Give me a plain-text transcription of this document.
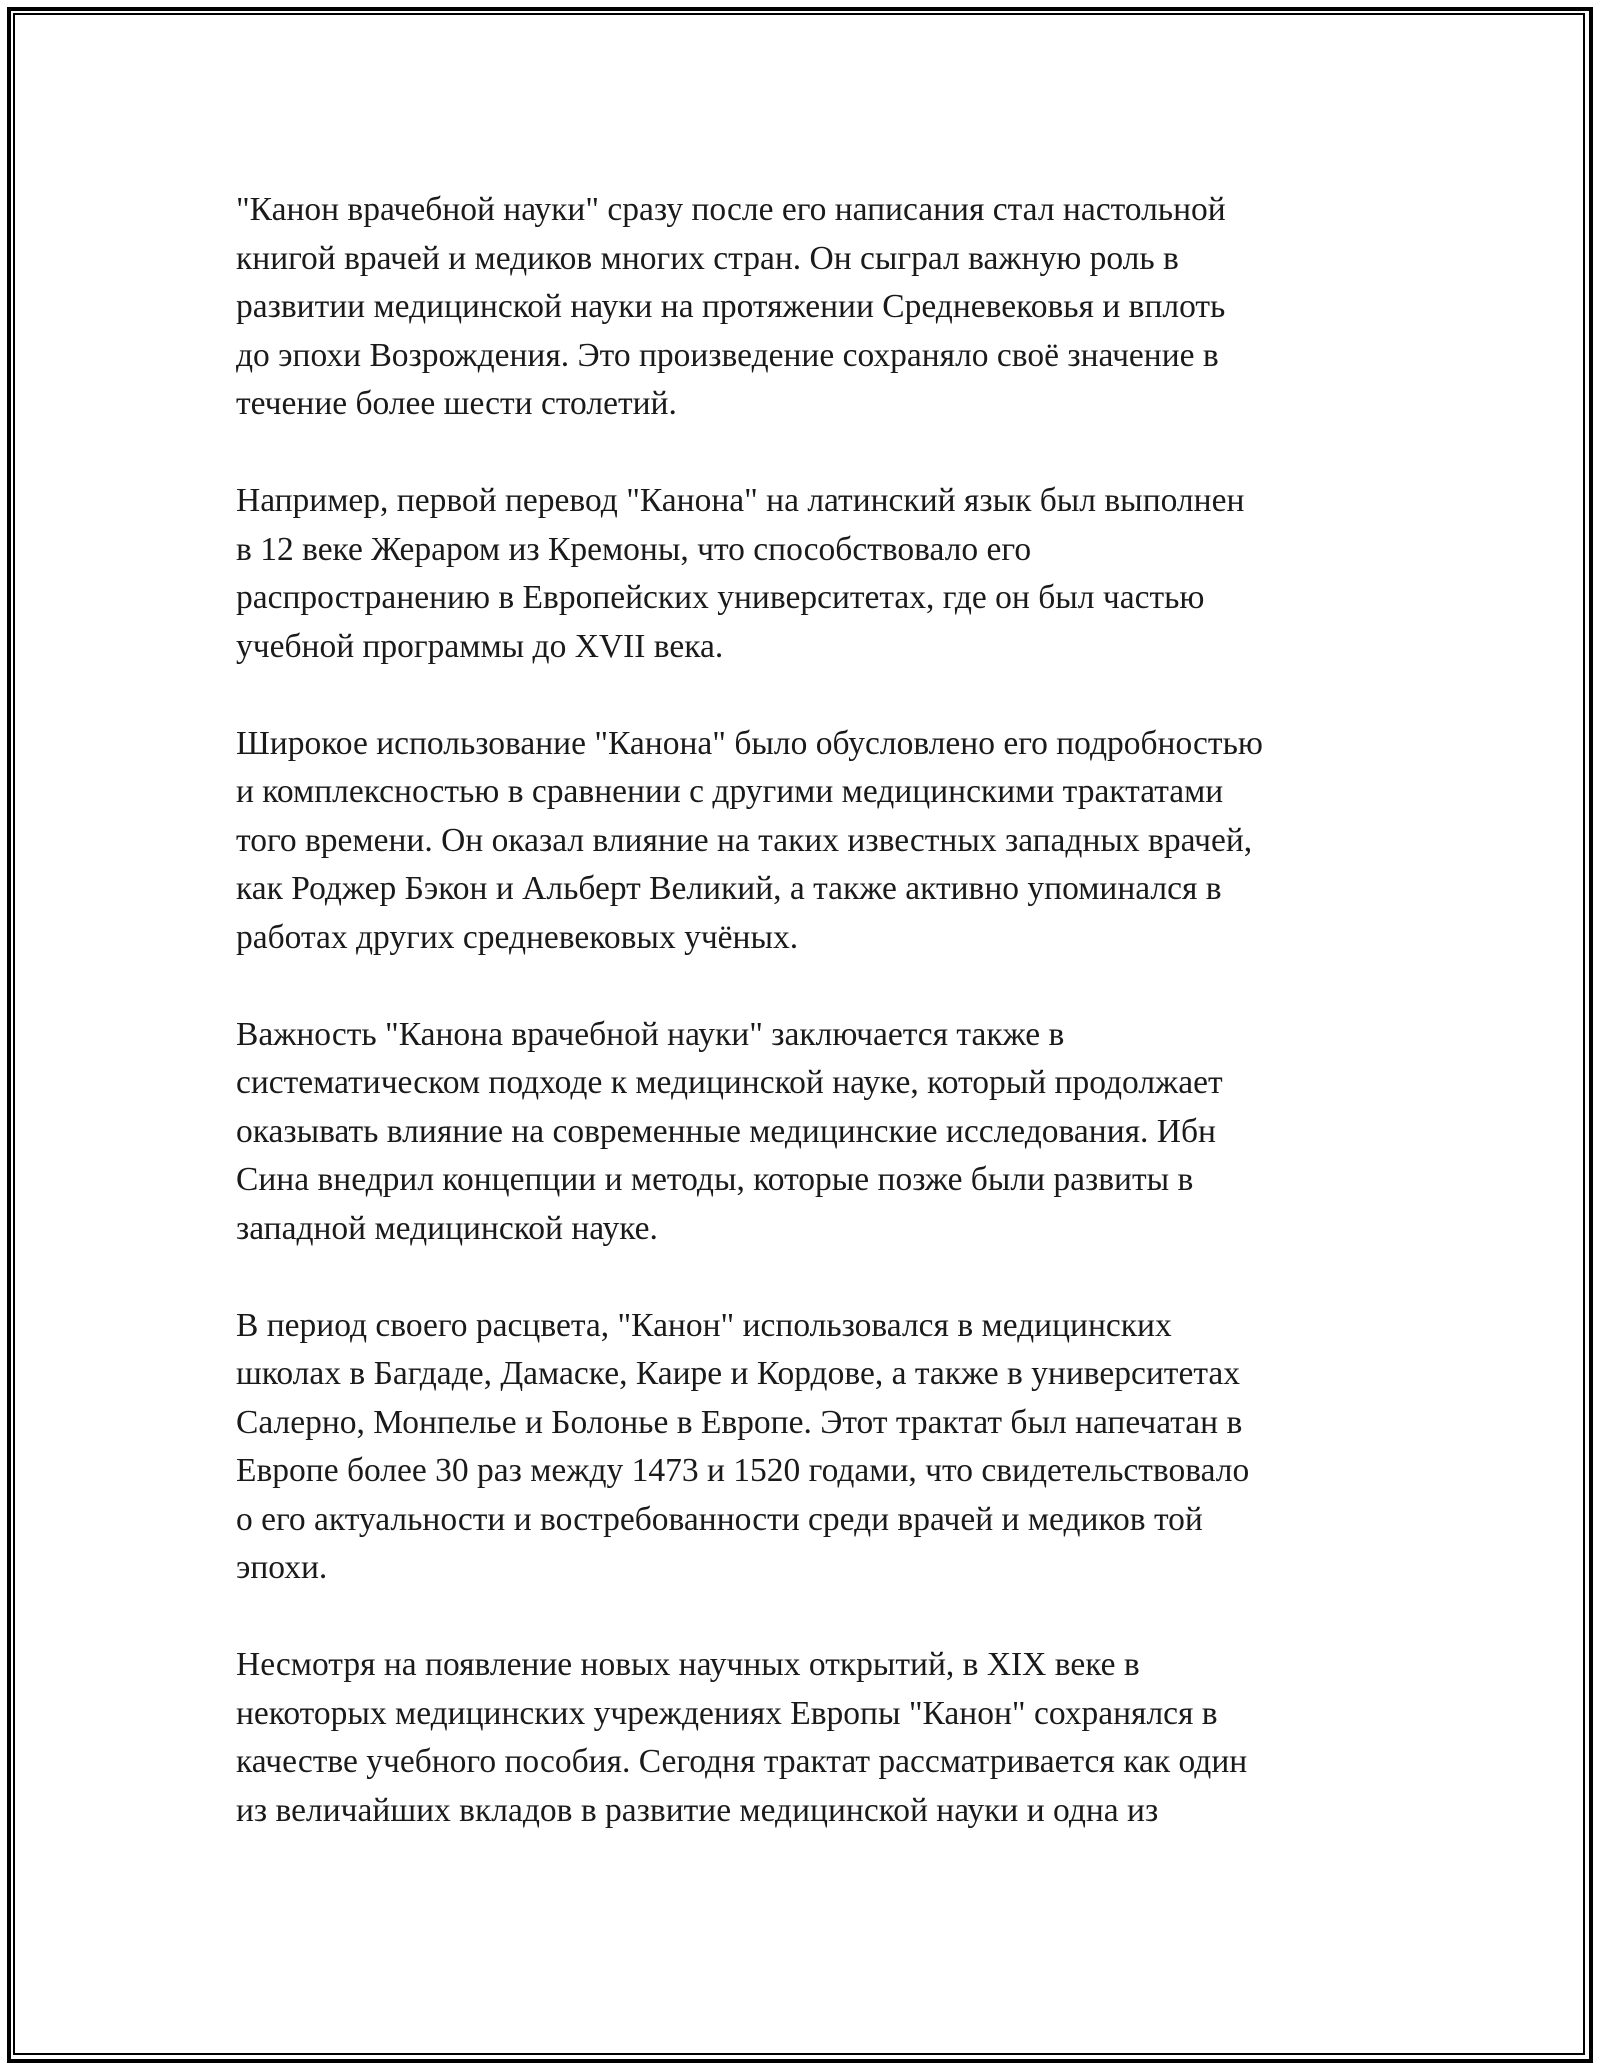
"Канон врачебной науки" сразу после его написания стал настольной
книгой врачей и медиков многих стран. Он сыграл важную роль в
развитии медицинской науки на протяжении Средневековья и вплоть
до эпохи Возрождения. Это произведение сохраняло своё значение в
течение более шести столетий.

Например, первой перевод "Канона" на латинский язык был выполнен
в 12 веке Жераром из Кремоны, что способствовало его
распространению в Европейских университетах, где он был частью
учебной программы до XVII века.

Широкое использование "Канона" было обусловлено его подробностью
и комплексностью в сравнении с другими медицинскими трактатами
того времени. Он оказал влияние на таких известных западных врачей,
как Роджер Бэкон и Альберт Великий, а также активно упоминался в
работах других средневековых учёных.

Важность "Канона врачебной науки" заключается также в
систематическом подходе к медицинской науке, который продолжает
оказывать влияние на современные медицинские исследования. Ибн
Сина внедрил концепции и методы, которые позже были развиты в
западной медицинской науке.

В период своего расцвета, "Канон" использовался в медицинских
школах в Багдаде, Дамаске, Каире и Кордове, а также в университетах
Салерно, Монпелье и Болонье в Европе. Этот трактат был напечатан в
Европе более 30 раз между 1473 и 1520 годами, что свидетельствовало
о его актуальности и востребованности среди врачей и медиков той
эпохи.

Несмотря на появление новых научных открытий, в XIX веке в
некоторых медицинских учреждениях Европы "Канон" сохранялся в
качестве учебного пособия. Сегодня трактат рассматривается как один
из величайших вкладов в развитие медицинской науки и одна из
